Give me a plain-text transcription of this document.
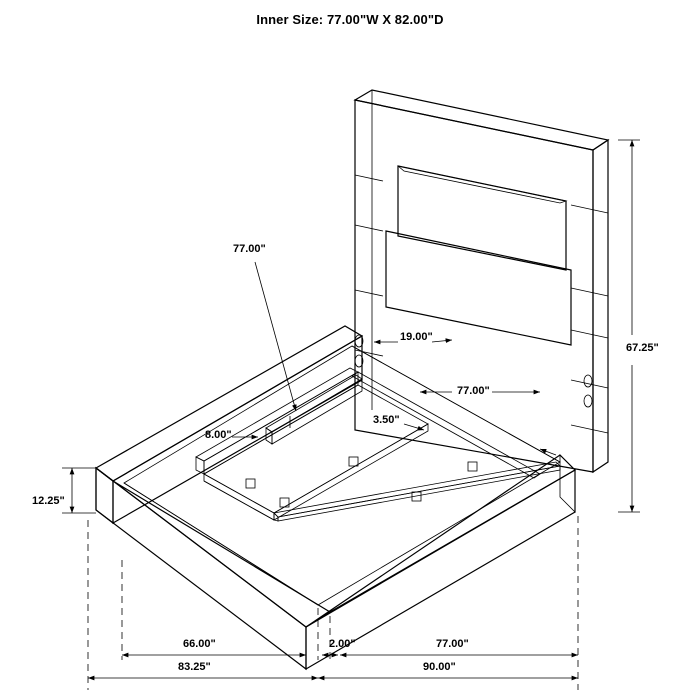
Inner Size: 77.00"W X 82.00"D
67.25"
77.00"
19.00"
77.00"
3.50"
8.00"
12.25"
66.00"	2.00"	77.00"
83.25"	90.00"
